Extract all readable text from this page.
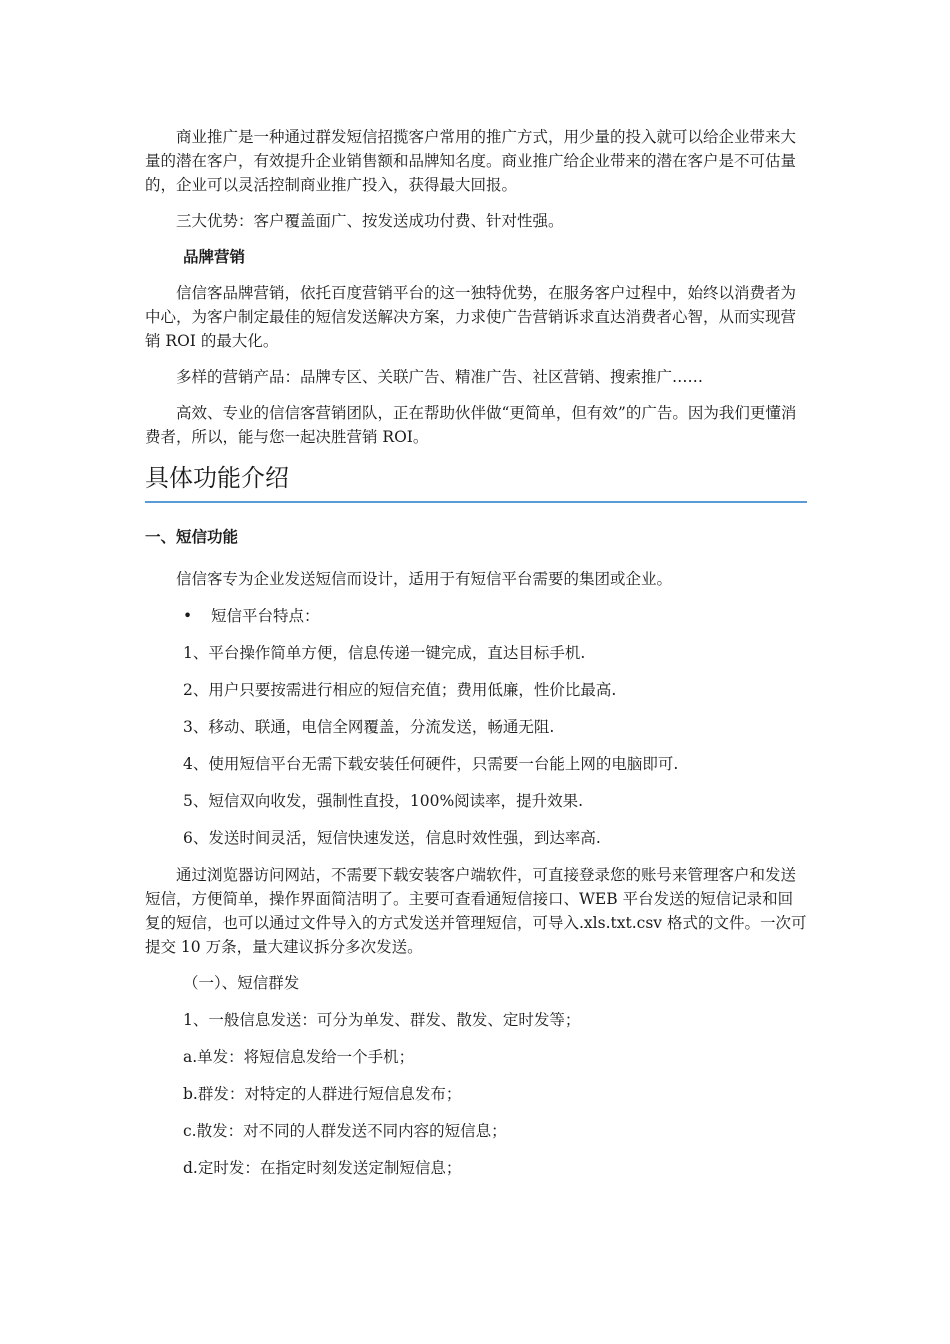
商业推广是一种通过群发短信招揽客户常用的推广方式，用少量的投入就可以给企业带来大量的潜在客户，有效提升企业销售额和品牌知名度。商业推广给企业带来的潜在客户是不可估量的，企业可以灵活控制商业推广投入，获得最大回报。

三大优势：客户覆盖面广、按发送成功付费、针对性强。

品牌营销

信信客品牌营销，依托百度营销平台的这一独特优势，在服务客户过程中，始终以消费者为中心，为客户制定最佳的短信发送解决方案，力求使广告营销诉求直达消费者心智，从而实现营销 ROI 的最大化。

多样的营销产品：品牌专区、关联广告、精准广告、社区营销、搜索推广……

高效、专业的信信客营销团队，正在帮助伙伴做“更简单，但有效”的广告。因为我们更懂消费者，所以，能与您一起决胜营销 ROI。

具体功能介绍

一、短信功能

信信客专为企业发送短信而设计，适用于有短信平台需要的集团或企业。

• 短信平台特点：

1、平台操作简单方便，信息传递一键完成，直达目标手机.

2、用户只要按需进行相应的短信充值；费用低廉，性价比最高.

3、移动、联通，电信全网覆盖，分流发送，畅通无阻.

4、使用短信平台无需下载安装任何硬件，只需要一台能上网的电脑即可.

5、短信双向收发，强制性直投，100%阅读率，提升效果.

6、发送时间灵活，短信快速发送，信息时效性强，到达率高.

通过浏览器访问网站，不需要下载安装客户端软件，可直接登录您的账号来管理客户和发送短信，方便简单，操作界面简洁明了。主要可查看通短信接口、WEB 平台发送的短信记录和回复的短信，也可以通过文件导入的方式发送并管理短信，可导入.xls.txt.csv 格式的文件。一次可提交 10 万条，量大建议拆分多次发送。

（一）、短信群发

1、一般信息发送：可分为单发、群发、散发、定时发等；

a.单发：将短信息发给一个手机；

b.群发：对特定的人群进行短信息发布；

c.散发：对不同的人群发送不同内容的短信息；

d.定时发：在指定时刻发送定制短信息；
